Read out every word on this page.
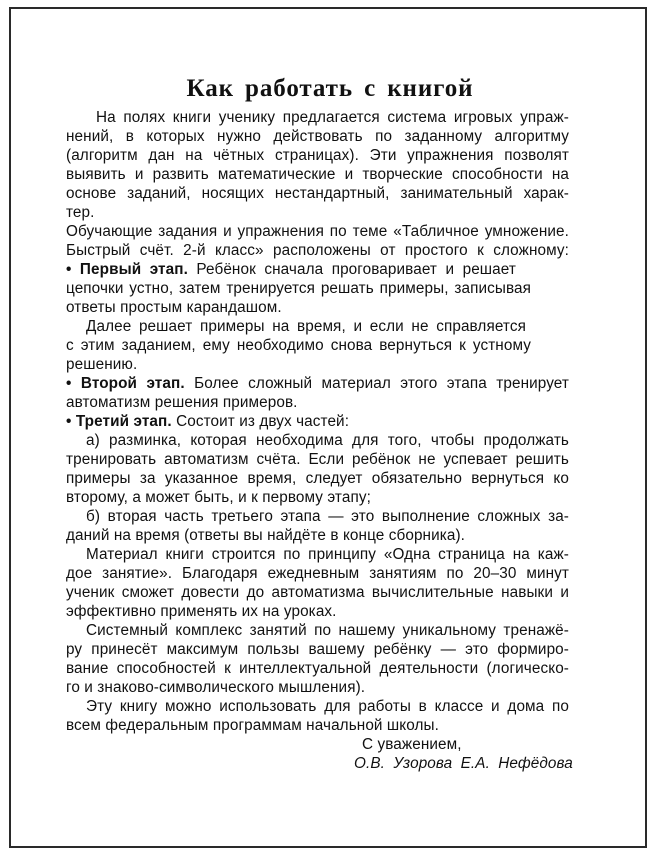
Как работать с книгой
На полях книги ученику предлагается система игровых упраж-
нений, в которых нужно действовать по заданному алгоритму
(алгоритм дан на чётных страницах). Эти упражнения позволят
выявить и развить математические и творческие способности на
основе заданий, носящих нестандартный, занимательный харак-
тер.
Обучающие задания и упражнения по теме «Табличное умножение.
Быстрый счёт. 2-й класс» расположены от простого к сложному:
• Первый этап. Ребёнок сначала проговаривает и решает
цепочки устно, затем тренируется решать примеры, записывая
ответы простым карандашом.
Далее решает примеры на время, и если не справляется
с этим заданием, ему необходимо снова вернуться к устному
решению.
• Второй этап. Более сложный материал этого этапа тренирует
автоматизм решения примеров.
• Третий этап. Состоит из двух частей:
а) разминка, которая необходима для того, чтобы продолжать
тренировать автоматизм счёта. Если ребёнок не успевает решить
примеры за указанное время, следует обязательно вернуться ко
второму, а может быть, и к первому этапу;
б) вторая часть третьего этапа — это выполнение сложных за-
даний на время (ответы вы найдёте в конце сборника).
Материал книги строится по принципу «Одна страница на каж-
дое занятие». Благодаря ежедневным занятиям по 20–30 минут
ученик сможет довести до автоматизма вычислительные навыки и
эффективно применять их на уроках.
Системный комплекс занятий по нашему уникальному тренажё-
ру принесёт максимум пользы вашему ребёнку — это формиро-
вание способностей к интеллектуальной деятельности (логическо-
го и знаково-символического мышления).
Эту книгу можно использовать для работы в классе и дома по
всем федеральным программам начальной школы.
С уважением,
О.В. Узорова Е.А. Нефёдова
